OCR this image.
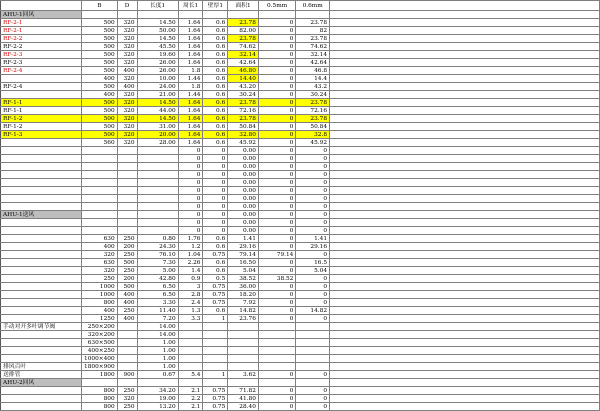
	B	D	长度1	周长1	壁厚1	面积1	0.5mm	0.6mm	
AHU-1回风									
RF-2-1	500	320	14.50	1.64	0.6	23.78	0	23.78	
RF-2-1	500	320	50.00	1.64	0.6	82.00	0	82	
RF-2-2	500	320	14.50	1.64	0.6	23.78	0	23.78	
RF-2-2	500	320	45.50	1.64	0.6	74.62	0	74.62	
RF-2-3	500	320	19.60	1.64	0.6	32.14	0	32.14	
RF-2-3	500	320	26.00	1.64	0.6	42.64	0	42.64	
RF-2-4	500	400	26.00	1.8	0.6	46.80	0	46.8	
	400	320	10.00	1.44	0.6	14.40	0	14.4	
RF-2-4	500	400	24.00	1.8	0.6	43.20	0	43.2	
	400	320	21.00	1.44	0.6	30.24	0	30.24	
RF-1-1	500	320	14.50	1.64	0.6	23.78	0	23.78	
RF-1-1	500	320	44.00	1.64	0.6	72.16	0	72.16	
RF-1-2	500	320	14.50	1.64	0.6	23.78	0	23.78	
RF-1-2	500	320	31.00	1.64	0.6	50.84	0	50.84	
RF-1-3	500	320	20.00	1.64	0.6	32.80	0	32.8	
	560	320	28.00	1.64	0.6	45.92	0	45.92	
				0	0	0.00	0	0	
				0	0	0.00	0	0	
				0	0	0.00	0	0	
				0	0	0.00	0	0	
				0	0	0.00	0	0	
				0	0	0.00	0	0	
				0	0	0.00	0	0	
				0	0	0.00	0	0	
AHU-1送风				0	0	0.00	0	0	
				0	0	0.00	0	0	
				0	0	0.00	0	0	
	630	250	0.80	1.76	0.6	1.41	0	1.41	
	400	200	24.30	1.2	0.6	29.16	0	29.16	
	320	250	76.10	1.04	0.75	79.14	79.14	0	
	630	500	7.30	2.26	0.6	16.50	0	16.5	
	320	250	5.00	1.4	0.6	5.04	0	5.04	
	250	200	42.80	0.9	0.5	38.52	38.52	0	
	1000	500	6.50	3	0.75	36.00	0	0	
	1000	400	6.50	2.8	0.75	18.20	0	0	
	800	400	3.30	2.4	0.75	7.92	0	0	
	400	250	11.40	1.3	0.6	14.82	0	14.82	
	1250	400	7.20	3.3	1	23.76	0	0	
手动对开多叶调节阀	250×200		14.00						
	320×200		14.00						
	630×500		1.00						
	400×250		1.00						
	1000×400		1.00						
排风百叶	1800×900		1.00						
送排管	1800	900	0.67	5.4	1	3.62	0	0	
AHU-2回风									
	800	250	34.20	2.1	0.75	71.82	0	0	
	800	320	19.00	2.2	0.75	41.80	0	0	
	800	250	13.20	2.1	0.75	28.40	0	0	
